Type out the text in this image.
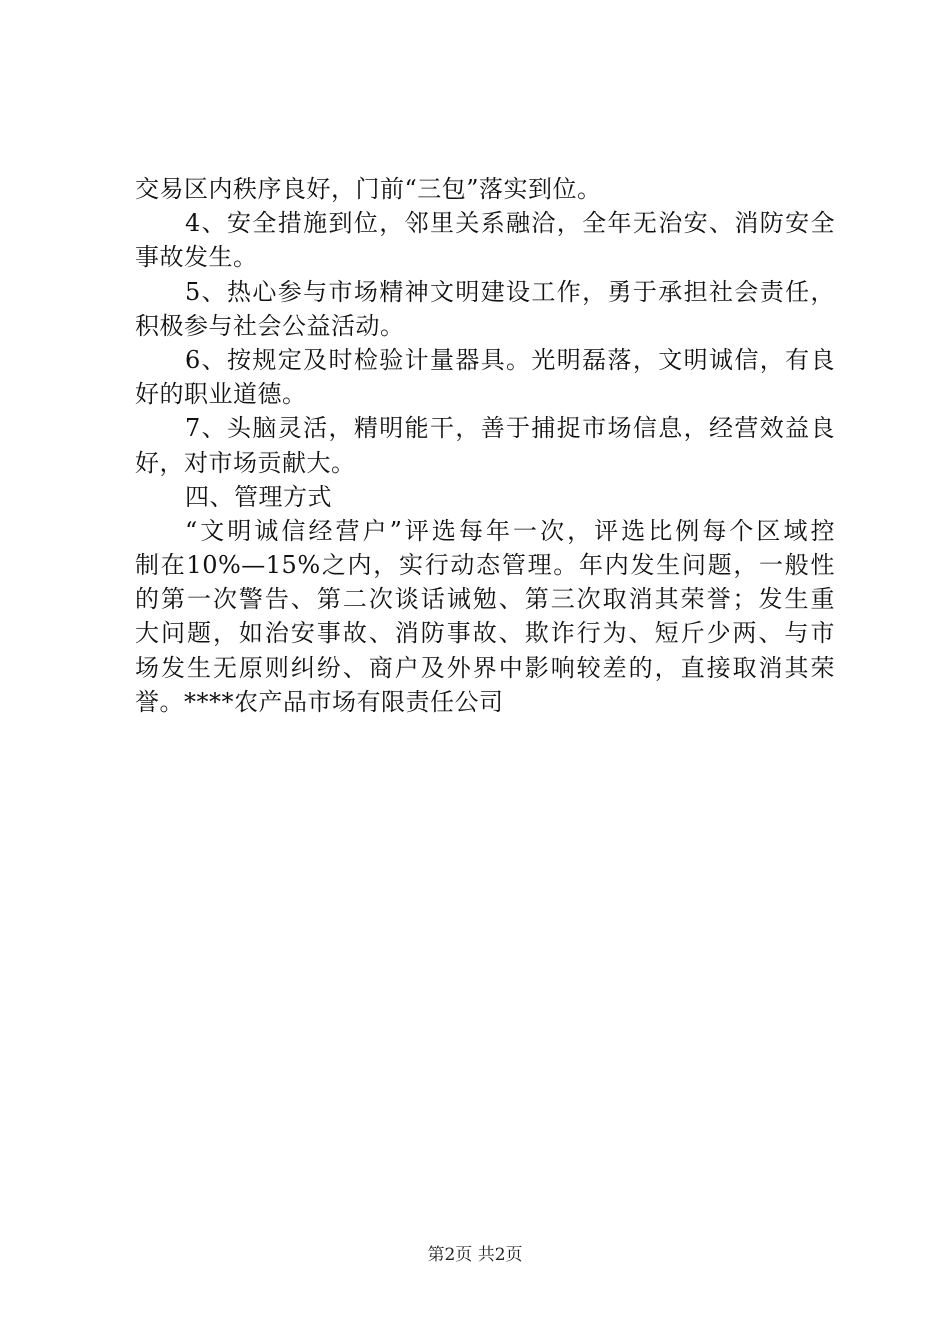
交易区内秩序良好，门前“三包”落实到位。
4、安全措施到位，邻里关系融洽，全年无治安、消防安全
事故发生。
5、热心参与市场精神文明建设工作，勇于承担社会责任，
积极参与社会公益活动。
6、按规定及时检验计量器具。光明磊落，文明诚信，有良
好的职业道德。
7、头脑灵活，精明能干，善于捕捉市场信息，经营效益良
好，对市场贡献大。
四、管理方式
“文明诚信经营户”评选每年一次，评选比例每个区域控
制在10%—15%之内，实行动态管理。年内发生问题，一般性
的第一次警告、第二次谈话诫勉、第三次取消其荣誉；发生重
大问题，如治安事故、消防事故、欺诈行为、短斤少两、与市
场发生无原则纠纷、商户及外界中影响较差的，直接取消其荣
誉。****农产品市场有限责任公司
第2页 共2页
